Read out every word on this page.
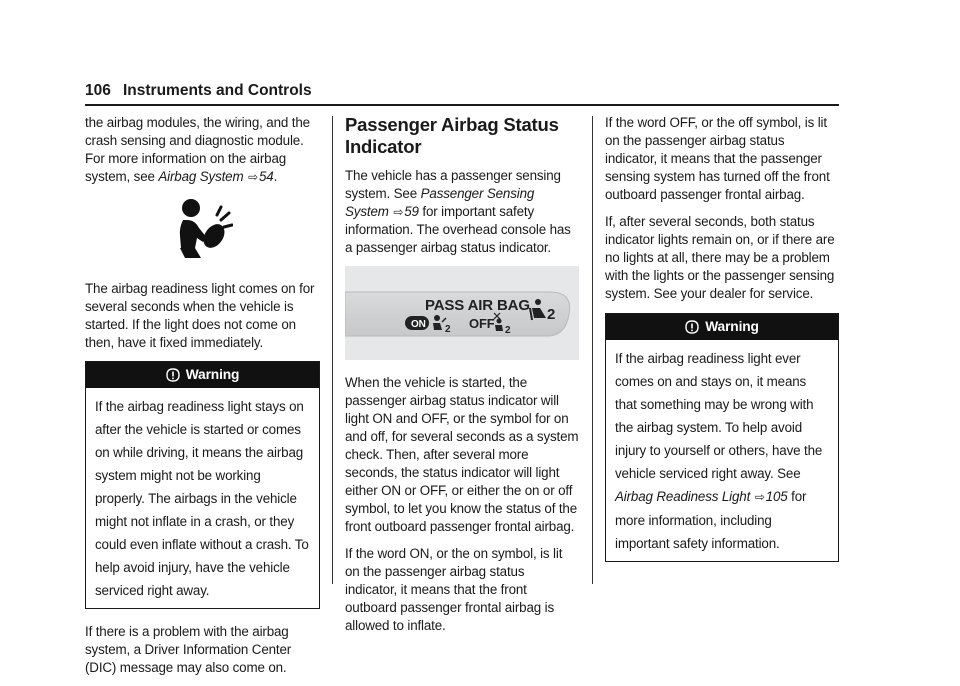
106 Instruments and Controls

the airbag modules, the wiring, and the crash sensing and diagnostic module. For more information on the airbag system, see Airbag System ⇨54.

The airbag readiness light comes on for several seconds when the vehicle is started. If the light does not come on then, have it fixed immediately.

Warning
If the airbag readiness light stays on after the vehicle is started or comes on while driving, it means the airbag system might not be working properly. The airbags in the vehicle might not inflate in a crash, or they could even inflate without a crash. To help avoid injury, have the vehicle serviced right away.

If there is a problem with the airbag system, a Driver Information Center (DIC) message may also come on.

Passenger Airbag Status Indicator

The vehicle has a passenger sensing system. See Passenger Sensing System ⇨59 for important safety information. The overhead console has a passenger airbag status indicator.

PASS AIR BAG
ON 2 OFF 2
2

When the vehicle is started, the passenger airbag status indicator will light ON and OFF, or the symbol for on and off, for several seconds as a system check. Then, after several more seconds, the status indicator will light either ON or OFF, or either the on or off symbol, to let you know the status of the front outboard passenger frontal airbag.

If the word ON, or the on symbol, is lit on the passenger airbag status indicator, it means that the front outboard passenger frontal airbag is allowed to inflate.

If the word OFF, or the off symbol, is lit on the passenger airbag status indicator, it means that the passenger sensing system has turned off the front outboard passenger frontal airbag.

If, after several seconds, both status indicator lights remain on, or if there are no lights at all, there may be a problem with the lights or the passenger sensing system. See your dealer for service.

Warning
If the airbag readiness light ever comes on and stays on, it means that something may be wrong with the airbag system. To help avoid injury to yourself or others, have the vehicle serviced right away. See Airbag Readiness Light ⇨105 for more information, including important safety information.
